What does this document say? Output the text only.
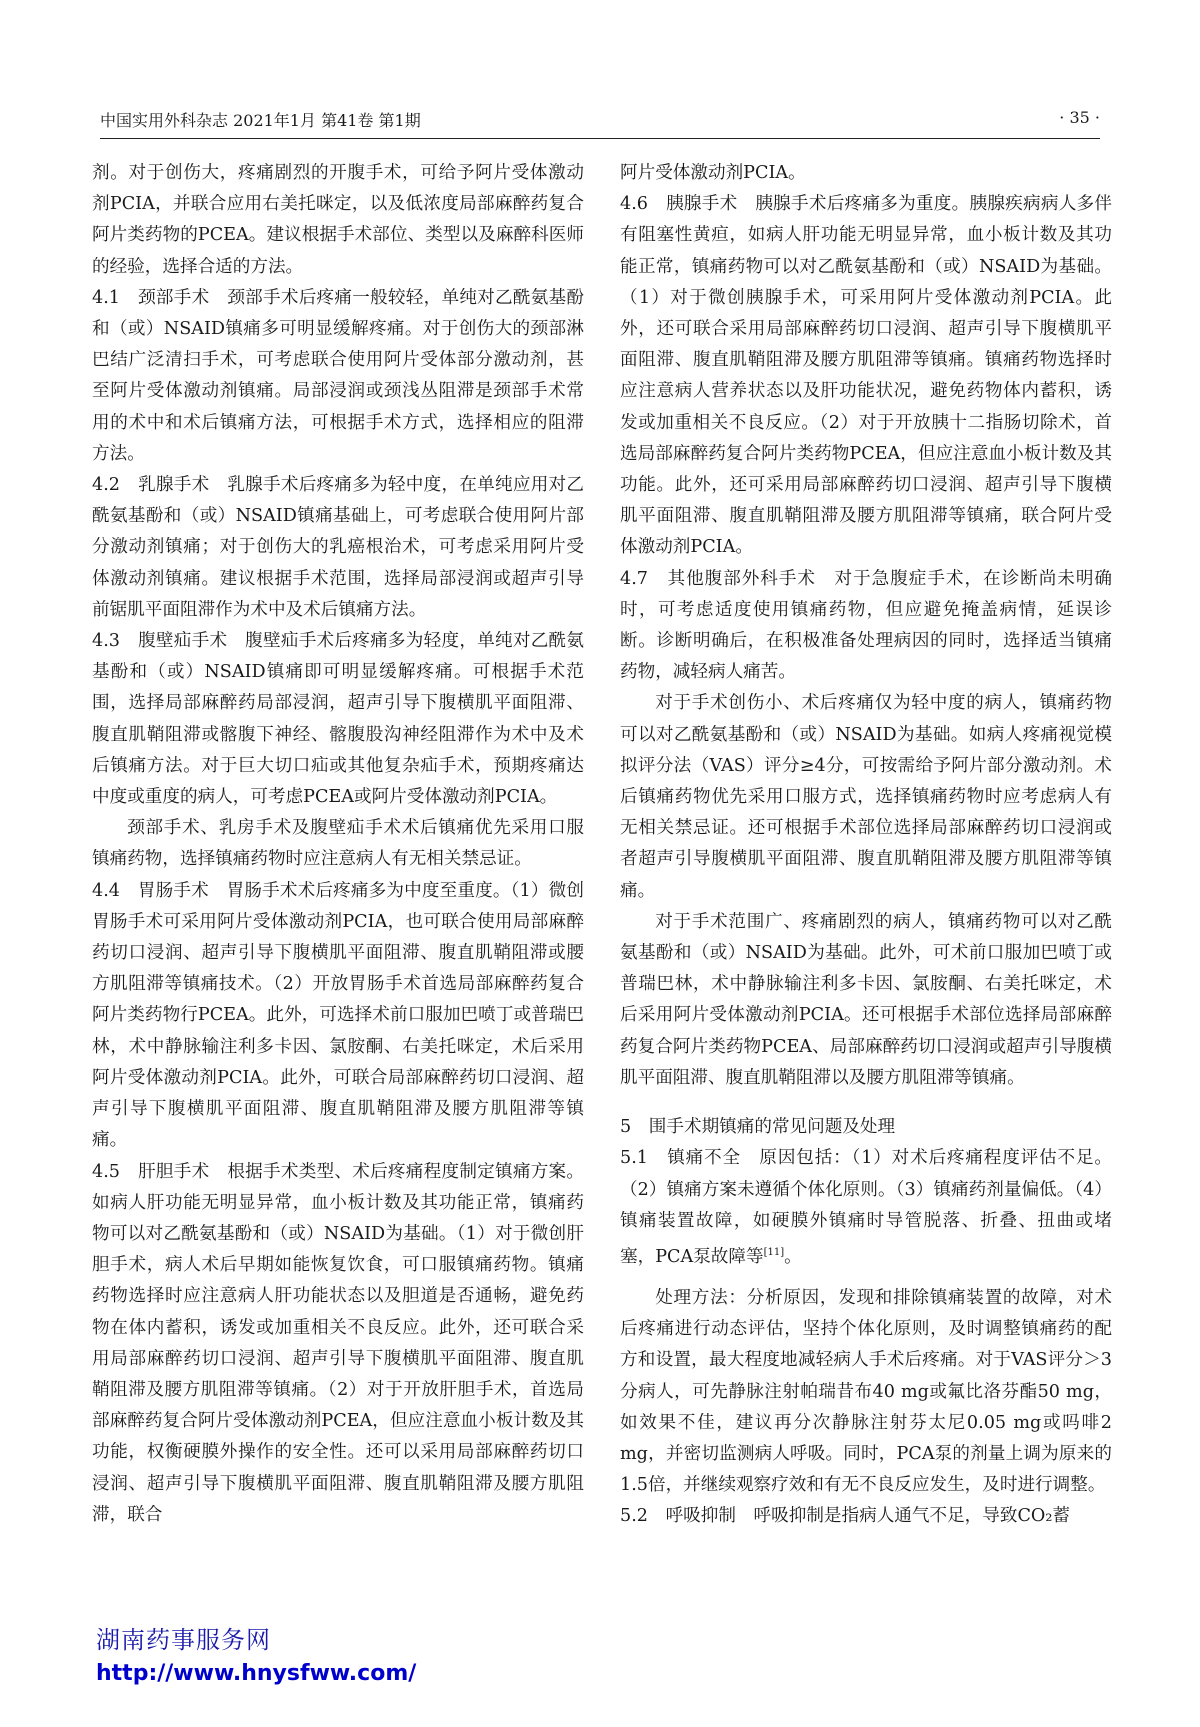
中国实用外科杂志 2021年1月 第41卷 第1期	· 35 ·

剂。对于创伤大，疼痛剧烈的开腹手术，可给予阿片受体激动剂PCIA，并联合应用右美托咪定，以及低浓度局部麻醉药复合阿片类药物的PCEA。建议根据手术部位、类型以及麻醉科医师的经验，选择合适的方法。

4.1　颈部手术　颈部手术后疼痛一般较轻，单纯对乙酰氨基酚和（或）NSAID镇痛多可明显缓解疼痛。对于创伤大的颈部淋巴结广泛清扫手术，可考虑联合使用阿片受体部分激动剂，甚至阿片受体激动剂镇痛。局部浸润或颈浅丛阻滞是颈部手术常用的术中和术后镇痛方法，可根据手术方式，选择相应的阻滞方法。

4.2　乳腺手术　乳腺手术后疼痛多为轻中度，在单纯应用对乙酰氨基酚和（或）NSAID镇痛基础上，可考虑联合使用阿片部分激动剂镇痛；对于创伤大的乳癌根治术，可考虑采用阿片受体激动剂镇痛。建议根据手术范围，选择局部浸润或超声引导前锯肌平面阻滞作为术中及术后镇痛方法。

4.3　腹壁疝手术　腹壁疝手术后疼痛多为轻度，单纯对乙酰氨基酚和（或）NSAID镇痛即可明显缓解疼痛。可根据手术范围，选择局部麻醉药局部浸润，超声引导下腹横肌平面阻滞、腹直肌鞘阻滞或髂腹下神经、髂腹股沟神经阻滞作为术中及术后镇痛方法。对于巨大切口疝或其他复杂疝手术，预期疼痛达中度或重度的病人，可考虑PCEA或阿片受体激动剂PCIA。

颈部手术、乳房手术及腹壁疝手术术后镇痛优先采用口服镇痛药物，选择镇痛药物时应注意病人有无相关禁忌证。

4.4　胃肠手术　胃肠手术术后疼痛多为中度至重度。（1）微创胃肠手术可采用阿片受体激动剂PCIA，也可联合使用局部麻醉药切口浸润、超声引导下腹横肌平面阻滞、腹直肌鞘阻滞或腰方肌阻滞等镇痛技术。（2）开放胃肠手术首选局部麻醉药复合阿片类药物行PCEA。此外，可选择术前口服加巴喷丁或普瑞巴林，术中静脉输注利多卡因、氯胺酮、右美托咪定，术后采用阿片受体激动剂PCIA。此外，可联合局部麻醉药切口浸润、超声引导下腹横肌平面阻滞、腹直肌鞘阻滞及腰方肌阻滞等镇痛。

4.5　肝胆手术　根据手术类型、术后疼痛程度制定镇痛方案。如病人肝功能无明显异常，血小板计数及其功能正常，镇痛药物可以对乙酰氨基酚和（或）NSAID为基础。（1）对于微创肝胆手术，病人术后早期如能恢复饮食，可口服镇痛药物。镇痛药物选择时应注意病人肝功能状态以及胆道是否通畅，避免药物在体内蓄积，诱发或加重相关不良反应。此外，还可联合采用局部麻醉药切口浸润、超声引导下腹横肌平面阻滞、腹直肌鞘阻滞及腰方肌阻滞等镇痛。（2）对于开放肝胆手术，首选局部麻醉药复合阿片受体激动剂PCEA，但应注意血小板计数及其功能，权衡硬膜外操作的安全性。还可以采用局部麻醉药切口浸润、超声引导下腹横肌平面阻滞、腹直肌鞘阻滞及腰方肌阻滞，联合

阿片受体激动剂PCIA。

4.6　胰腺手术　胰腺手术后疼痛多为重度。胰腺疾病病人多伴有阻塞性黄疸，如病人肝功能无明显异常，血小板计数及其功能正常，镇痛药物可以对乙酰氨基酚和（或）NSAID为基础。（1）对于微创胰腺手术，可采用阿片受体激动剂PCIA。此外，还可联合采用局部麻醉药切口浸润、超声引导下腹横肌平面阻滞、腹直肌鞘阻滞及腰方肌阻滞等镇痛。镇痛药物选择时应注意病人营养状态以及肝功能状况，避免药物体内蓄积，诱发或加重相关不良反应。（2）对于开放胰十二指肠切除术，首选局部麻醉药复合阿片类药物PCEA，但应注意血小板计数及其功能。此外，还可采用局部麻醉药切口浸润、超声引导下腹横肌平面阻滞、腹直肌鞘阻滞及腰方肌阻滞等镇痛，联合阿片受体激动剂PCIA。

4.7　其他腹部外科手术　对于急腹症手术，在诊断尚未明确时，可考虑适度使用镇痛药物，但应避免掩盖病情，延误诊断。诊断明确后，在积极准备处理病因的同时，选择适当镇痛药物，减轻病人痛苦。

对于手术创伤小、术后疼痛仅为轻中度的病人，镇痛药物可以对乙酰氨基酚和（或）NSAID为基础。如病人疼痛视觉模拟评分法（VAS）评分≥4分，可按需给予阿片部分激动剂。术后镇痛药物优先采用口服方式，选择镇痛药物时应考虑病人有无相关禁忌证。还可根据手术部位选择局部麻醉药切口浸润或者超声引导腹横肌平面阻滞、腹直肌鞘阻滞及腰方肌阻滞等镇痛。

对于手术范围广、疼痛剧烈的病人，镇痛药物可以对乙酰氨基酚和（或）NSAID为基础。此外，可术前口服加巴喷丁或普瑞巴林，术中静脉输注利多卡因、氯胺酮、右美托咪定，术后采用阿片受体激动剂PCIA。还可根据手术部位选择局部麻醉药复合阿片类药物PCEA、局部麻醉药切口浸润或超声引导腹横肌平面阻滞、腹直肌鞘阻滞以及腰方肌阻滞等镇痛。

5　围手术期镇痛的常见问题及处理

5.1　镇痛不全　原因包括：（1）对术后疼痛程度评估不足。（2）镇痛方案未遵循个体化原则。（3）镇痛药剂量偏低。（4）镇痛装置故障，如硬膜外镇痛时导管脱落、折叠、扭曲或堵塞，PCA泵故障等[11]。

处理方法：分析原因，发现和排除镇痛装置的故障，对术后疼痛进行动态评估，坚持个体化原则，及时调整镇痛药的配方和设置，最大程度地减轻病人手术后疼痛。对于VAS评分＞3分病人，可先静脉注射帕瑞昔布40 mg或氟比洛芬酯50 mg，如效果不佳，建议再分次静脉注射芬太尼0.05 mg或吗啡2 mg，并密切监测病人呼吸。同时，PCA泵的剂量上调为原来的1.5倍，并继续观察疗效和有无不良反应发生，及时进行调整。

5.2　呼吸抑制　呼吸抑制是指病人通气不足，导致CO₂蓄

湖南药事服务网
http://www.hnysfww.com/
